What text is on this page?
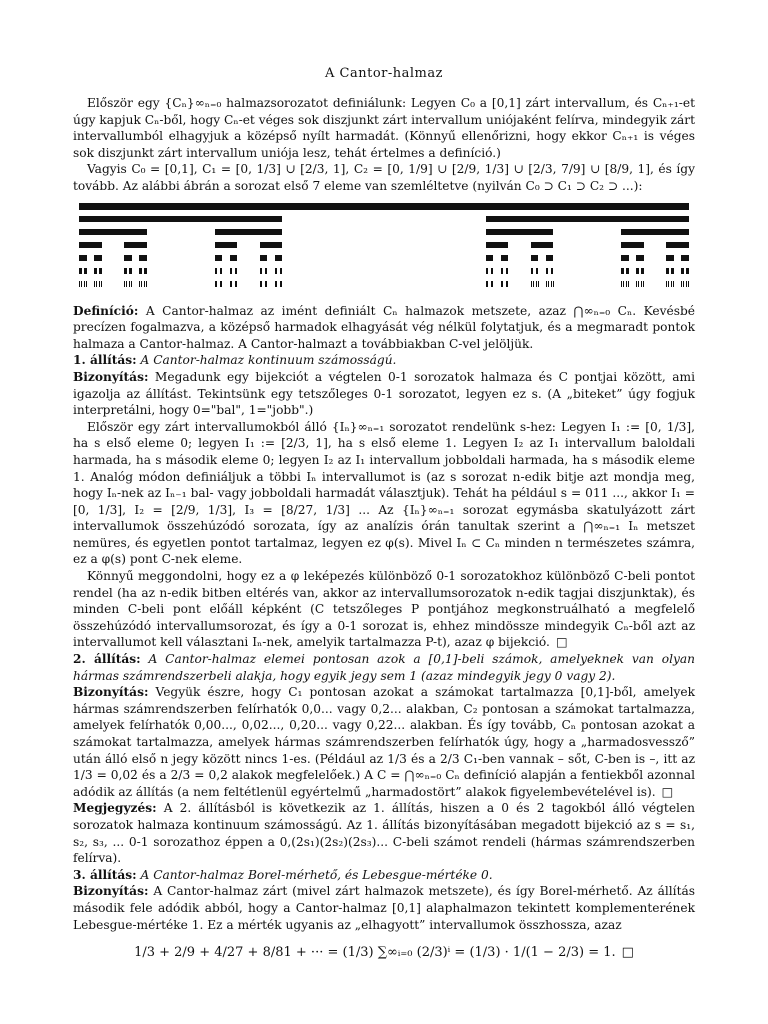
A Cantor-halmaz

Először egy {Cₙ}∞ₙ₌₀ halmazsorozatot definiálunk: Legyen C₀ a [0,1] zárt intervallum, és Cₙ₊₁-et úgy kapjuk Cₙ-ből, hogy Cₙ-et véges sok diszjunkt zárt intervallum uniójaként felírva, mindegyik zárt intervallumból elhagyjuk a középső nyílt harmadát. (Könnyű ellenőrizni, hogy ekkor Cₙ₊₁ is véges sok diszjunkt zárt intervallum uniója lesz, tehát értelmes a definíció.)

Vagyis C₀ = [0,1], C₁ = [0, 1/3] ∪ [2/3, 1], C₂ = [0, 1/9] ∪ [2/9, 1/3] ∪ [2/3, 7/9] ∪ [8/9, 1], és így tovább. Az alábbi ábrán a sorozat első 7 eleme van szemléltetve (nyilván C₀ ⊃ C₁ ⊃ C₂ ⊃ ...):

Definíció: A Cantor-halmaz az imént definiált Cₙ halmazok metszete, azaz ⋂∞ₙ₌₀ Cₙ. Kevésbé precízen fogalmazva, a középső harmadok elhagyását vég nélkül folytatjuk, és a megmaradt pontok halmaza a Cantor-halmaz. A Cantor-halmazt a továbbiakban C-vel jelöljük.

1. állítás: A Cantor-halmaz kontinuum számosságú.

Bizonyítás: Megadunk egy bijekciót a végtelen 0-1 sorozatok halmaza és C pontjai között, ami igazolja az állítást. Tekintsünk egy tetszőleges 0-1 sorozatot, legyen ez s. (A „biteket” úgy fogjuk interpretálni, hogy 0="bal", 1="jobb".)

Először egy zárt intervallumokból álló {Iₙ}∞ₙ₌₁ sorozatot rendelünk s-hez: Legyen I₁ := [0, 1/3], ha s első eleme 0; legyen I₁ := [2/3, 1], ha s első eleme 1. Legyen I₂ az I₁ intervallum baloldali harmada, ha s második eleme 0; legyen I₂ az I₁ intervallum jobboldali harmada, ha s második eleme 1. Analóg módon definiáljuk a többi Iₙ intervallumot is (az s sorozat n-edik bitje azt mondja meg, hogy Iₙ-nek az Iₙ₋₁ bal- vagy jobboldali harmadát választjuk). Tehát ha például s = 011 ..., akkor I₁ = [0, 1/3], I₂ = [2/9, 1/3], I₃ = [8/27, 1/3] ... Az {Iₙ}∞ₙ₌₁ sorozat egymásba skatulyázott zárt intervallumok összehúzódó sorozata, így az analízis órán tanultak szerint a ⋂∞ₙ₌₁ Iₙ metszet nemüres, és egyetlen pontot tartalmaz, legyen ez φ(s). Mivel Iₙ ⊂ Cₙ minden n természetes számra, ez a φ(s) pont C-nek eleme.

Könnyű meggondolni, hogy ez a φ leképezés különböző 0-1 sorozatokhoz különböző C-beli pontot rendel (ha az n-edik bitben eltérés van, akkor az intervallumsorozatok n-edik tagjai diszjunktak), és minden C-beli pont előáll képként (C tetszőleges P pontjához megkonstruálható a megfelelő összehúzódó intervallumsorozat, és így a 0-1 sorozat is, ehhez mindössze mindegyik Cₙ-ből azt az intervallumot kell választani Iₙ-nek, amelyik tartalmazza P-t), azaz φ bijekció. □

2. állítás: A Cantor-halmaz elemei pontosan azok a [0,1]-beli számok, amelyeknek van olyan hármas számrendszerbeli alakja, hogy egyik jegy sem 1 (azaz mindegyik jegy 0 vagy 2).

Bizonyítás: Vegyük észre, hogy C₁ pontosan azokat a számokat tartalmazza [0,1]-ből, amelyek hármas számrendszerben felírhatók 0,0... vagy 0,2... alakban, C₂ pontosan a számokat tartalmazza, amelyek felírhatók 0,00..., 0,02..., 0,20... vagy 0,22... alakban. És így tovább, Cₙ pontosan azokat a számokat tartalmazza, amelyek hármas számrendszerben felírhatók úgy, hogy a „harmadosvessző” után álló első n jegy között nincs 1-es. (Például az 1/3 és a 2/3 C₁-ben vannak – sőt, C-ben is –, itt az 1/3 = 0,02̇ és a 2/3 = 0,2 alakok megfelelőek.) A C = ⋂∞ₙ₌₀ Cₙ definíció alapján a fentiekből azonnal adódik az állítás (a nem feltétlenül egyértelmű „harmadostört” alakok figyelembevételével is). □

Megjegyzés: A 2. állításból is következik az 1. állítás, hiszen a 0 és 2 tagokból álló végtelen sorozatok halmaza kontinuum számosságú. Az 1. állítás bizonyításában megadott bijekció az s = s₁, s₂, s₃, ... 0-1 sorozathoz éppen a 0,(2s₁)(2s₂)(2s₃)... C-beli számot rendeli (hármas számrendszerben felírva).

3. állítás: A Cantor-halmaz Borel-mérhető, és Lebesgue-mértéke 0.

Bizonyítás: A Cantor-halmaz zárt (mivel zárt halmazok metszete), és így Borel-mérhető. Az állítás második fele adódik abból, hogy a Cantor-halmaz [0,1] alaphalmazon tekintett komplementerének Lebesgue-mértéke 1. Ez a mérték ugyanis az „elhagyott” intervallumok összhossza, azaz

1/3 + 2/9 + 4/27 + 8/81 + ··· = (1/3) ∑∞ᵢ₌₀ (2/3)ⁱ = (1/3) · 1/(1 − 2/3) = 1. □
